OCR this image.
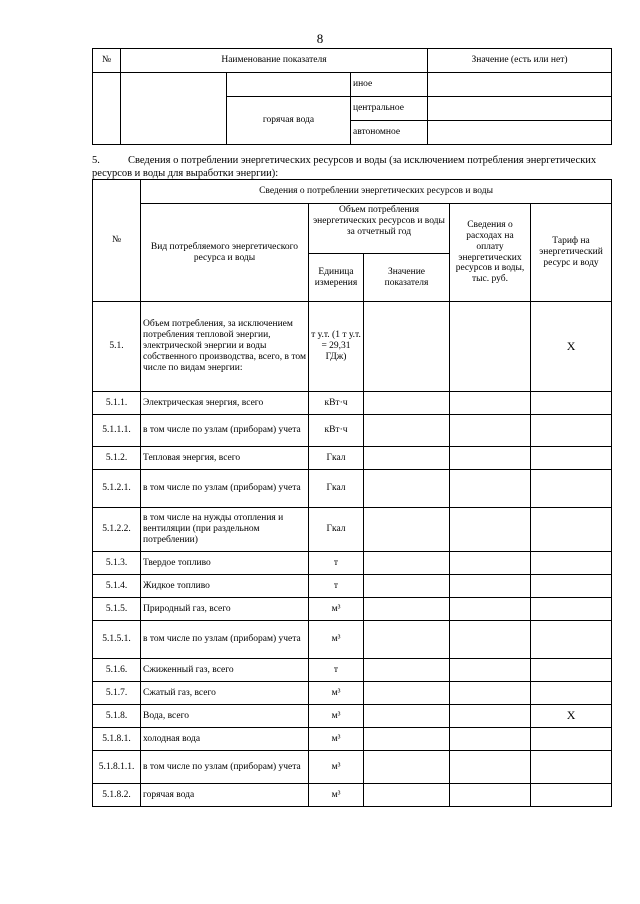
8
№	Наименование показателя			Значение (есть или нет)
			иное	
		горячая вода	центральное	
			автономное	
5.	Сведения о потреблении энергетических ресурсов и воды (за исключением потребления энергетических ресурсов и воды для выработки энергии):
№	Сведения о потреблении энергетических ресурсов и воды				
	Вид потребляемого энергетического ресурса и воды	Объем потребления энергетических ресурсов и воды за отчетный год		Сведения о расходах на оплату энергетических ресурсов и воды, тыс. руб.	Тариф на энергетический ресурс и воду
		Единица измерения	Значение показателя		
5.1.	Объем потребления, за исключением потребления тепловой энергии, электрической энергии и воды собственного производства, всего, в том числе по видам энергии:	т у.т. (1 т у.т. = 29,31 ГДж)			X
5.1.1.	Электрическая энергия, всего	кВт·ч			
5.1.1.1.	в том числе по узлам (приборам) учета	кВт·ч			
5.1.2.	Тепловая энергия, всего	Гкал			
5.1.2.1.	в том числе по узлам (приборам) учета	Гкал			
5.1.2.2.	в том числе на нужды отопления и вентиляции (при раздельном потреблении)	Гкал			
5.1.3.	Твердое топливо	т			
5.1.4.	Жидкое топливо	т			
5.1.5.	Природный газ, всего	м³			
5.1.5.1.	в том числе по узлам (приборам) учета	м³			
5.1.6.	Сжиженный газ, всего	т			
5.1.7.	Сжатый газ, всего	м³			
5.1.8.	Вода, всего	м³			X
5.1.8.1.	холодная вода	м³			
5.1.8.1.1.	в том числе по узлам (приборам) учета	м³			
5.1.8.2.	горячая вода	м³			
